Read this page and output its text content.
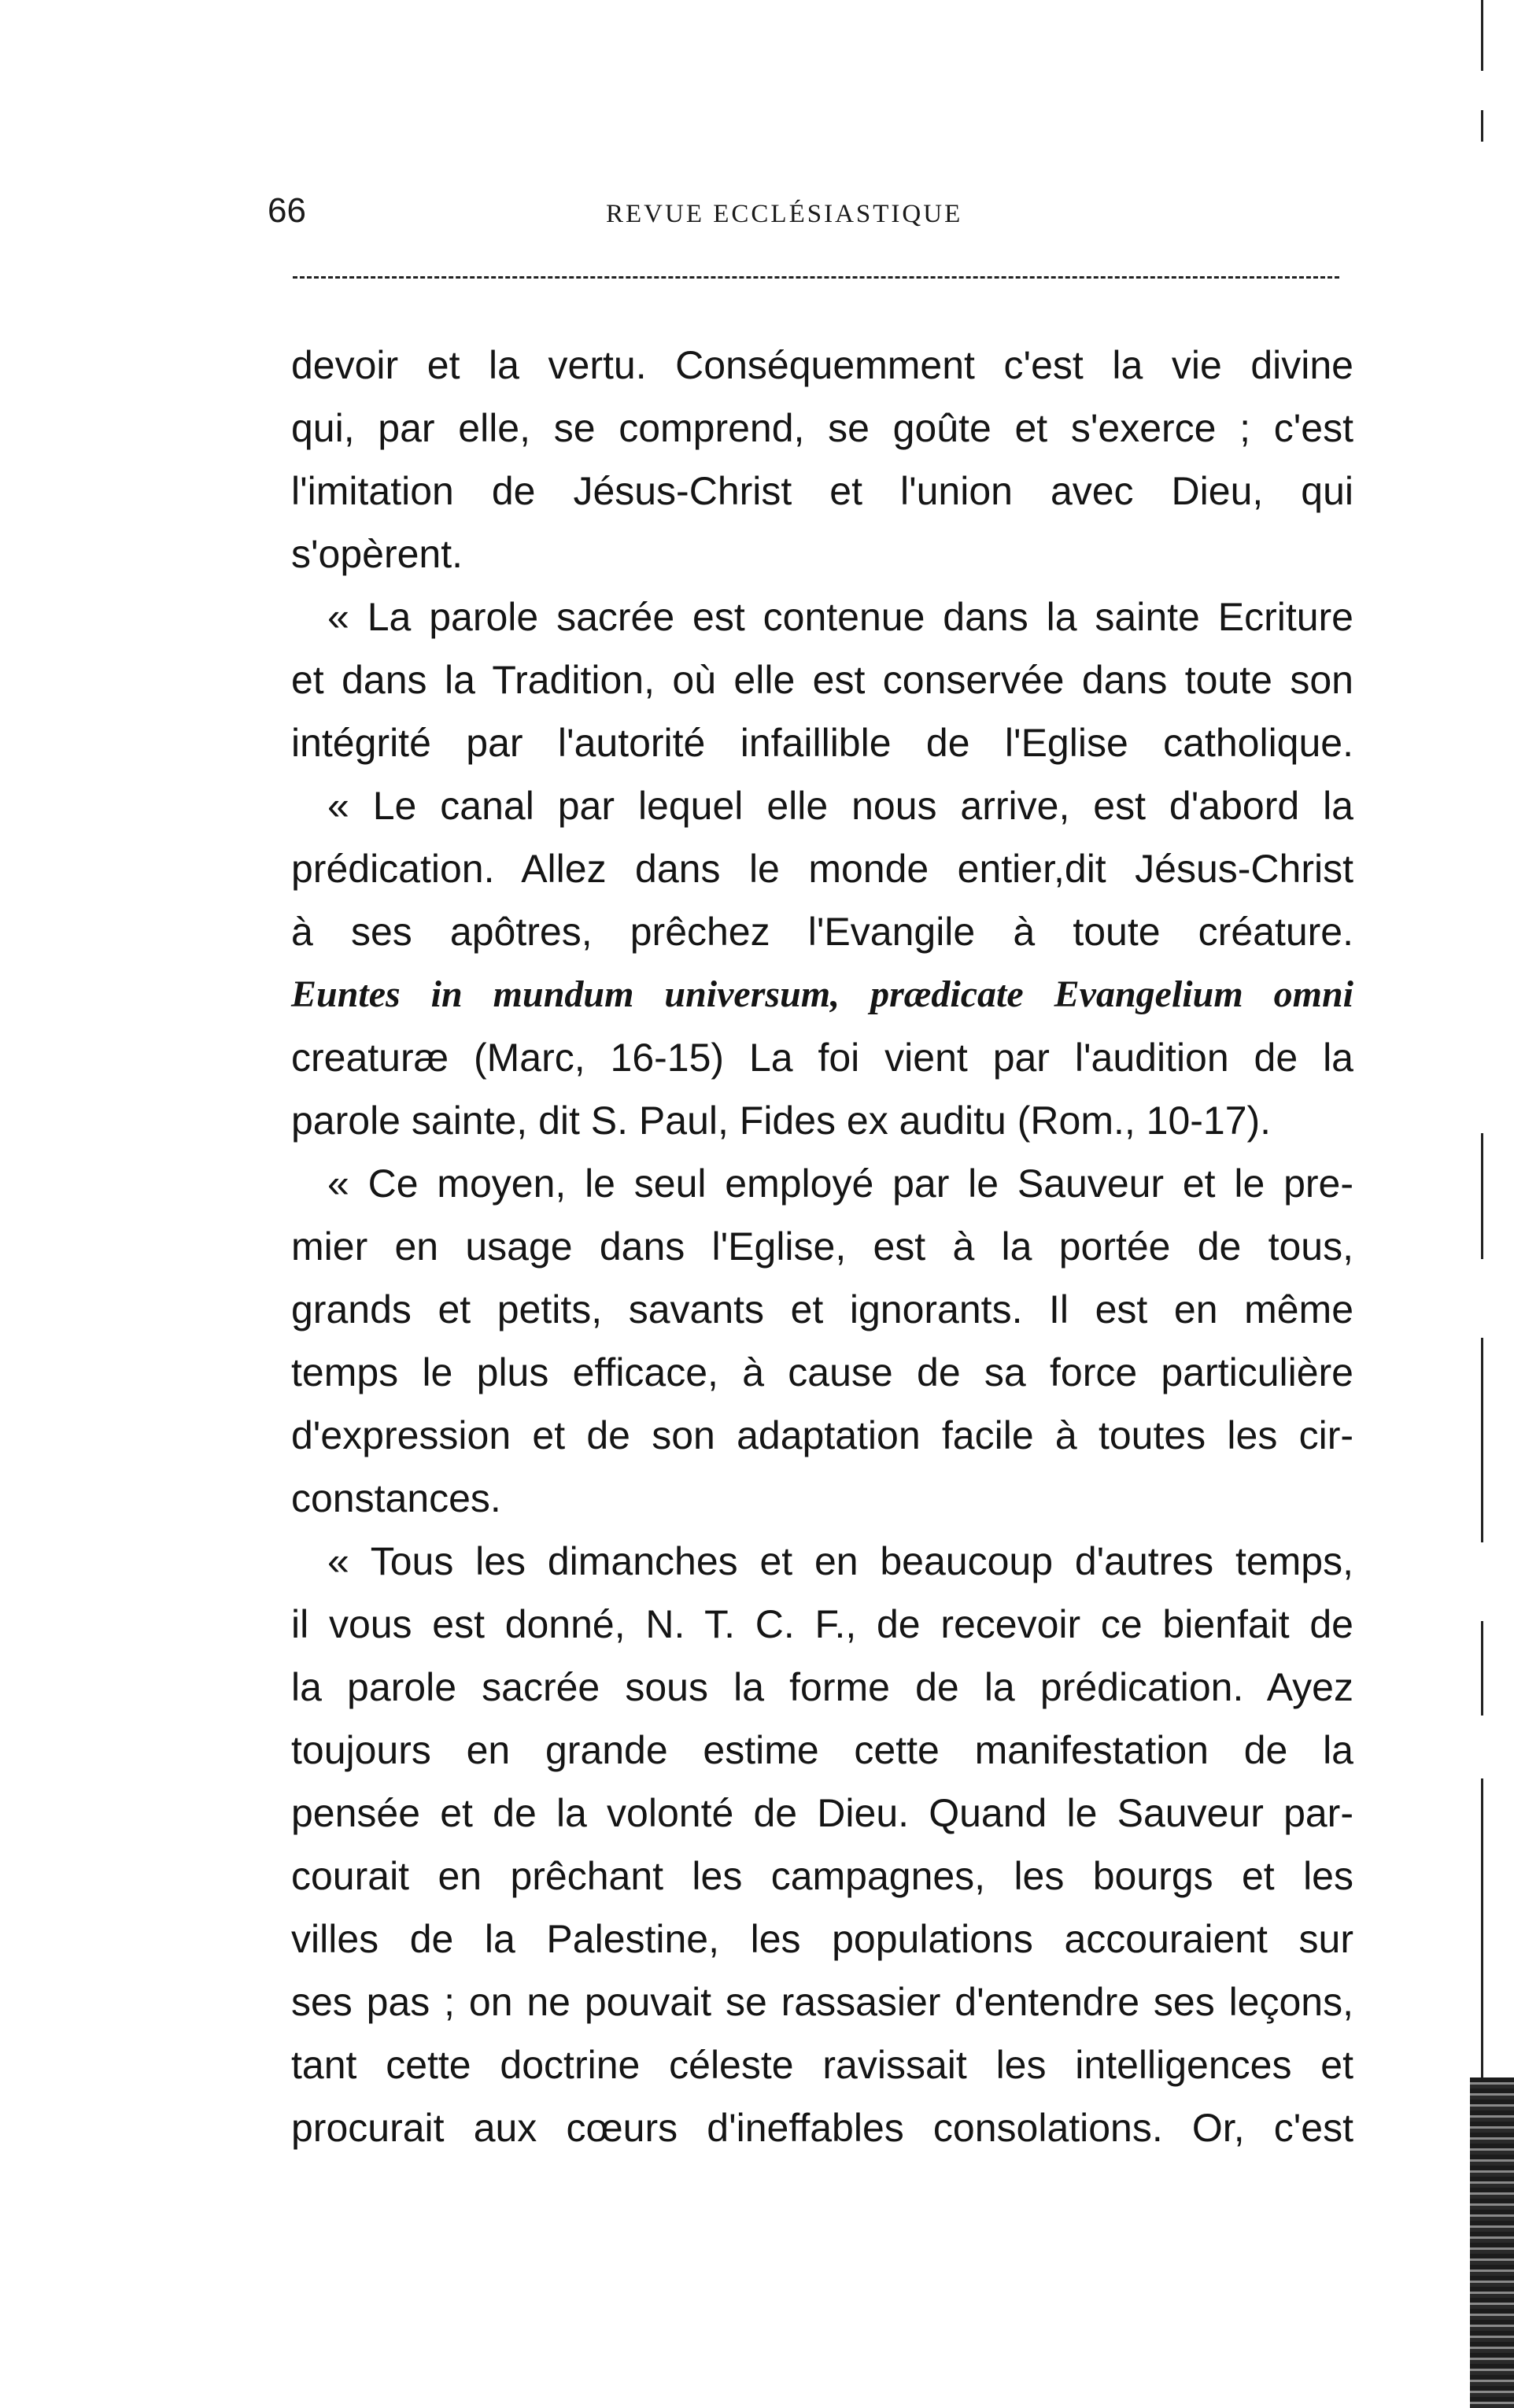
66	REVUE ECCLÉSIASTIQUE
devoir et la vertu. Conséquemment c'est la vie divine
qui, par elle, se comprend, se goûte et s'exerce ; c'est
l'imitation de Jésus-Christ et l'union avec Dieu, qui
s'opèrent.
« La parole sacrée est contenue dans la sainte Ecriture
et dans la Tradition, où elle est conservée dans toute son
intégrité par l'autorité infaillible de l'Eglise catholique.
« Le canal par lequel elle nous arrive, est d'abord la
prédication. Allez dans le monde entier,dit Jésus-Christ
à ses apôtres, prêchez l'Evangile à toute créature.
Euntes in mundum universum, prædicate Evangelium omni
creaturæ (Marc, 16-15) La foi vient par l'audition de la
parole sainte, dit S. Paul, Fides ex auditu (Rom., 10-17).
« Ce moyen, le seul employé par le Sauveur et le pre-
mier en usage dans l'Eglise, est à la portée de tous,
grands et petits, savants et ignorants. Il est en même
temps le plus efficace, à cause de sa force particulière
d'expression et de son adaptation facile à toutes les cir-
constances.
« Tous les dimanches et en beaucoup d'autres temps,
il vous est donné, N. T. C. F., de recevoir ce bienfait de
la parole sacrée sous la forme de la prédication. Ayez
toujours en grande estime cette manifestation de la
pensée et de la volonté de Dieu. Quand le Sauveur par-
courait en prêchant les campagnes, les bourgs et les
villes de la Palestine, les populations accouraient sur
ses pas ; on ne pouvait se rassasier d'entendre ses leçons,
tant cette doctrine céleste ravissait les intelligences et
procurait aux cœurs d'ineffables consolations. Or, c'est
